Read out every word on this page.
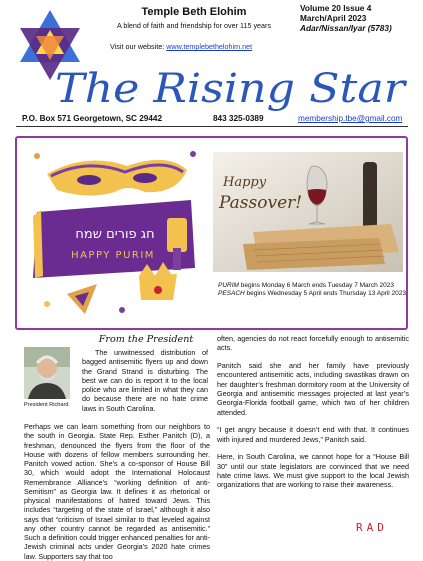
Temple Beth Elohim
A blend of faith and friendship for over 115 years
Visit our website: www.templebethelohim.net
Volume 20 Issue 4
March/April 2023
Adar/Nissan/Iyar (5783)
The Rising Star
P.O. Box 571 Georgetown, SC 29442	843 325-0389	membership.tbe@gmail.com
חג פורים שמח
HAPPY PURIM
Happy
Passover!
PURIM begins Monday 6 March ends Tuesday 7 March 2023
PESACH begins Wednesday 5 April ends Thursday 13 April 2023
From the President
President Richard
The unwitnessed distribution of bagged antisemitic flyers up and down the Grand Strand is disturbing. The best we can do is report it to the local police who are limited in what they can do because there are no hate crime laws in South Carolina.
Perhaps we can learn something from our neighbors to the south in Georgia. State Rep. Esther Panitch (D), a freshman, denounced the flyers from the floor of the House with dozens of fellow members surrounding her. Panitch vowed action. She’s a co-sponsor of House Bill 30, which would adopt the International Holocaust Remembrance Alliance’s “working definition of anti-Semitism” as Georgia law. It defines it as rhetorical or physical manifestations of hatred toward Jews. This includes “targeting of the state of Israel,” although it also says that “criticism of Israel similar to that leveled against any other country cannot be regarded as antisemitic.” Such a definition could trigger enhanced penalties for anti-Jewish criminal acts under Georgia’s 2020 hate crimes law. Supporters say that too

often, agencies do not react forcefully enough to antisemitic acts.

Panitch said she and her family have previously encountered antisemitic acts, including swastikas drawn on her daughter’s freshman dormitory room at the University of Georgia and antisemitic messages projected at last year’s Georgia-Florida football game, which two of her children attended.

“I get angry because it doesn’t end with that. It continues with injured and murdered Jews,” Panitch said.

Here, in South Carolina, we cannot hope for a “House Bill 30” until our state legislators are convinced that we need hate crime laws. We must give support to the local Jewish organizations that are working to raise their awareness.

RAD
